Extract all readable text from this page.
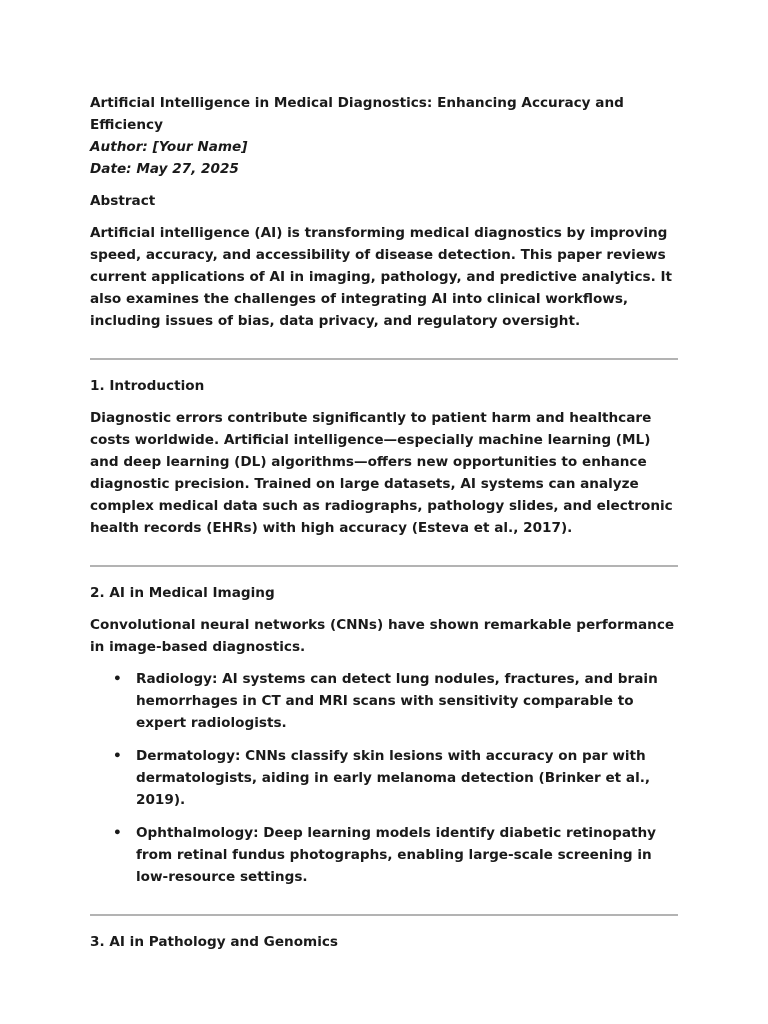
Artificial Intelligence in Medical Diagnostics: Enhancing Accuracy and Efficiency
Author: [Your Name]
Date: May 27, 2025
Abstract

Artificial intelligence (AI) is transforming medical diagnostics by improving speed, accuracy, and accessibility of disease detection. This paper reviews current applications of AI in imaging, pathology, and predictive analytics. It also examines the challenges of integrating AI into clinical workflows, including issues of bias, data privacy, and regulatory oversight.

1. Introduction

Diagnostic errors contribute significantly to patient harm and healthcare costs worldwide. Artificial intelligence—especially machine learning (ML) and deep learning (DL) algorithms—offers new opportunities to enhance diagnostic precision. Trained on large datasets, AI systems can analyze complex medical data such as radiographs, pathology slides, and electronic health records (EHRs) with high accuracy (Esteva et al., 2017).

2. AI in Medical Imaging

Convolutional neural networks (CNNs) have shown remarkable performance in image-based diagnostics.

• Radiology: AI systems can detect lung nodules, fractures, and brain hemorrhages in CT and MRI scans with sensitivity comparable to expert radiologists.
• Dermatology: CNNs classify skin lesions with accuracy on par with dermatologists, aiding in early melanoma detection (Brinker et al., 2019).
• Ophthalmology: Deep learning models identify diabetic retinopathy from retinal fundus photographs, enabling large-scale screening in low-resource settings.
3. AI in Pathology and Genomics
